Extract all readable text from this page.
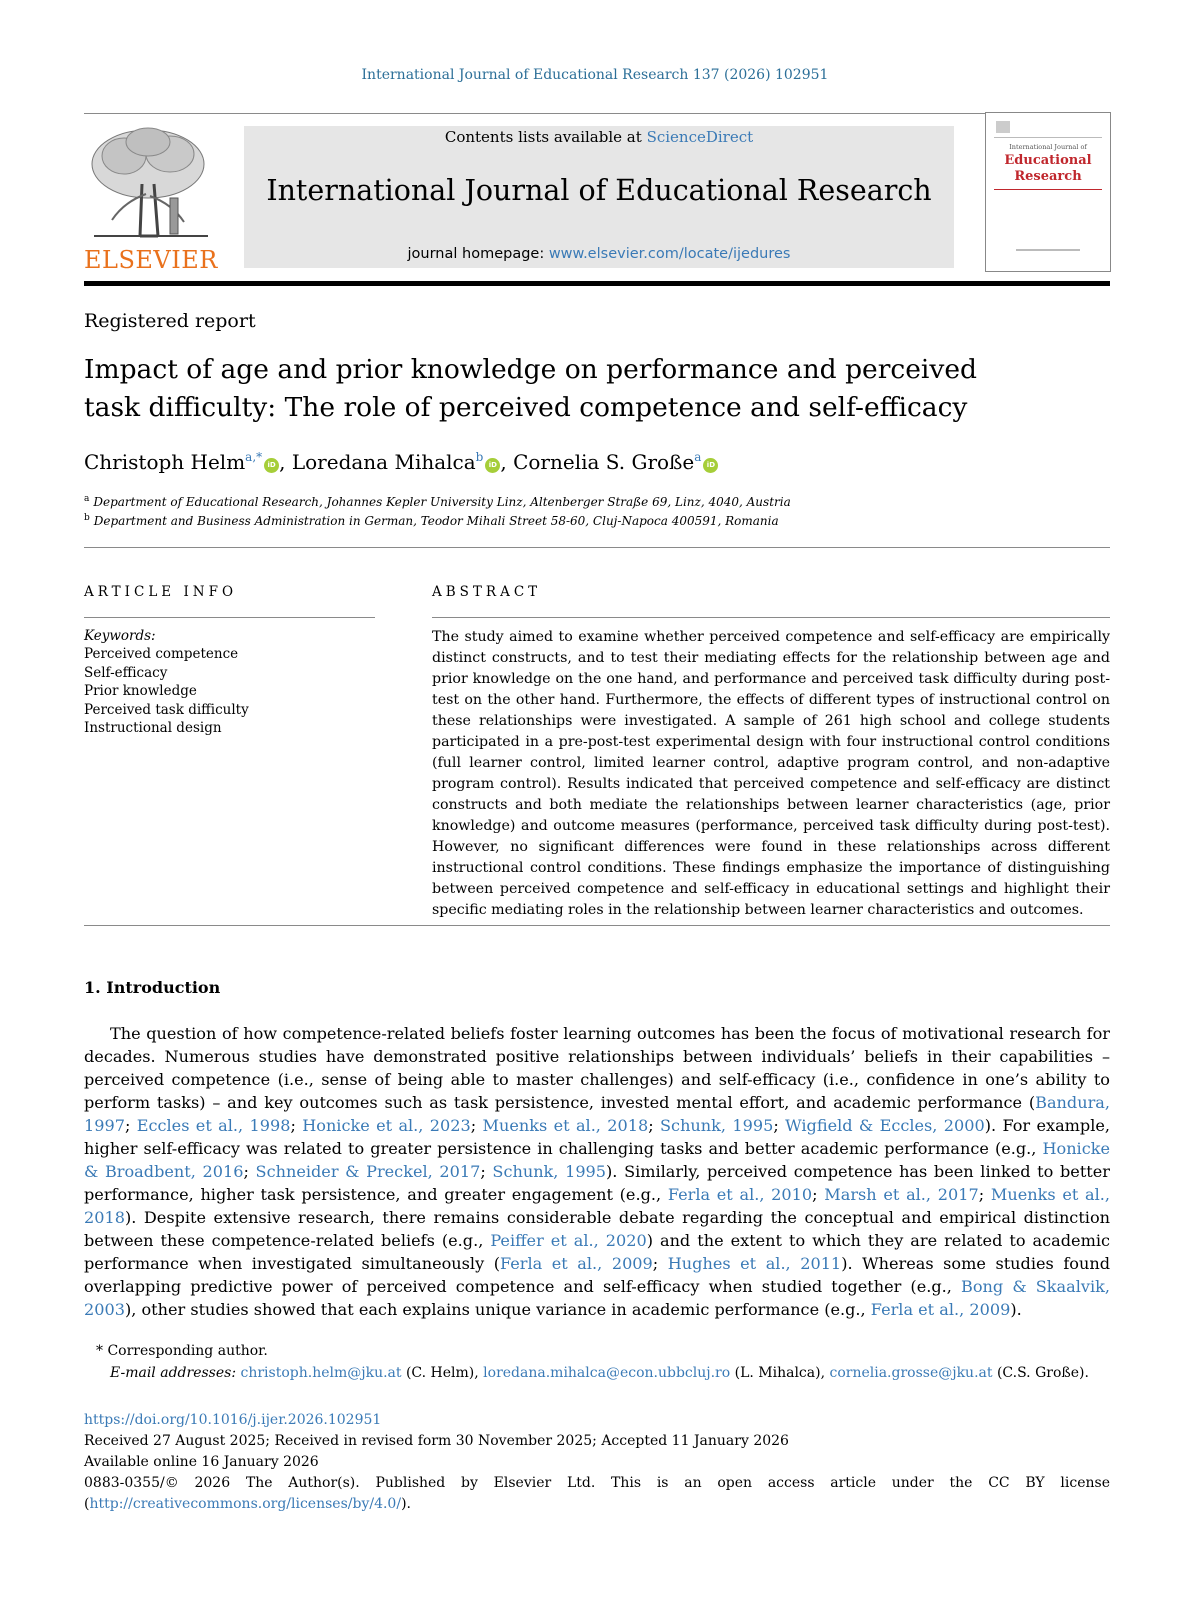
International Journal of Educational Research 137 (2026) 102951
ELSEVIER
Contents lists available at ScienceDirect
International Journal of Educational Research
journal homepage: www.elsevier.com/locate/ijedures
International Journal of
Educational
Research
Registered report
Impact of age and prior knowledge on performance and perceived
task difficulty: The role of perceived competence and self-efficacy
Christoph Helm$^{a,*}$iD , Loredana Mihalca$^b$iD , Cornelia S. Große$^a$iD
$^a$ Department of Educational Research, Johannes Kepler University Linz, Altenberger Straße 69, Linz, 4040, Austria
$^b$ Department and Business Administration in German, Teodor Mihali Street 58-60, Cluj-Napoca 400591, Romania
ARTICLE INFO
Keywords:
Perceived competence
Self-efficacy
Prior knowledge
Perceived task difficulty
Instructional design
ABSTRACT
The study aimed to examine whether perceived competence and self-efficacy are empirically distinct constructs, and to test their mediating effects for the relationship between age and prior knowledge on the one hand, and performance and perceived task difficulty during post-test on the other hand. Furthermore, the effects of different types of instructional control on these relationships were investigated. A sample of 261 high school and college students participated in a pre-post-test experimental design with four instructional control conditions (full learner control, limited learner control, adaptive program control, and non-adaptive program control). Results indicated that perceived competence and self-efficacy are distinct constructs and both mediate the relationships between learner characteristics (age, prior knowledge) and outcome measures (performance, perceived task difficulty during post-test). However, no significant differences were found in these relationships across different instructional control conditions. These findings emphasize the importance of distinguishing between perceived competence and self-efficacy in educational settings and highlight their specific mediating roles in the relationship between learner characteristics and outcomes.
1. Introduction
The question of how competence-related beliefs foster learning outcomes has been the focus of motivational research for decades. Numerous studies have demonstrated positive relationships between individuals’ beliefs in their capabilities – perceived competence (i.e., sense of being able to master challenges) and self-efficacy (i.e., confidence in one’s ability to perform tasks) – and key outcomes such as task persistence, invested mental effort, and academic performance (Bandura, 1997; Eccles et al., 1998; Honicke et al., 2023; Muenks et al., 2018; Schunk, 1995; Wigfield & Eccles, 2000). For example, higher self-efficacy was related to greater persistence in challenging tasks and better academic performance (e.g., Honicke & Broadbent, 2016; Schneider & Preckel, 2017; Schunk, 1995). Similarly, perceived competence has been linked to better performance, higher task persistence, and greater engagement (e.g., Ferla et al., 2010; Marsh et al., 2017; Muenks et al., 2018). Despite extensive research, there remains considerable debate regarding the conceptual and empirical distinction between these competence-related beliefs (e.g., Peiffer et al., 2020) and the extent to which they are related to academic performance when investigated simultaneously (Ferla et al., 2009; Hughes et al., 2011). Whereas some studies found overlapping predictive power of perceived competence and self-efficacy when studied together (e.g., Bong & Skaalvik, 2003), other studies showed that each explains unique variance in academic performance (e.g., Ferla et al., 2009).
* Corresponding author.
E-mail addresses: christoph.helm@jku.at (C. Helm), loredana.mihalca@econ.ubbcluj.ro (L. Mihalca), cornelia.grosse@jku.at (C.S. Große).
https://doi.org/10.1016/j.ijer.2026.102951
Received 27 August 2025; Received in revised form 30 November 2025; Accepted 11 January 2026
Available online 16 January 2026
0883-0355/© 2026 The Author(s). Published by Elsevier Ltd. This is an open access article under the CC BY license
(http://creativecommons.org/licenses/by/4.0/).
